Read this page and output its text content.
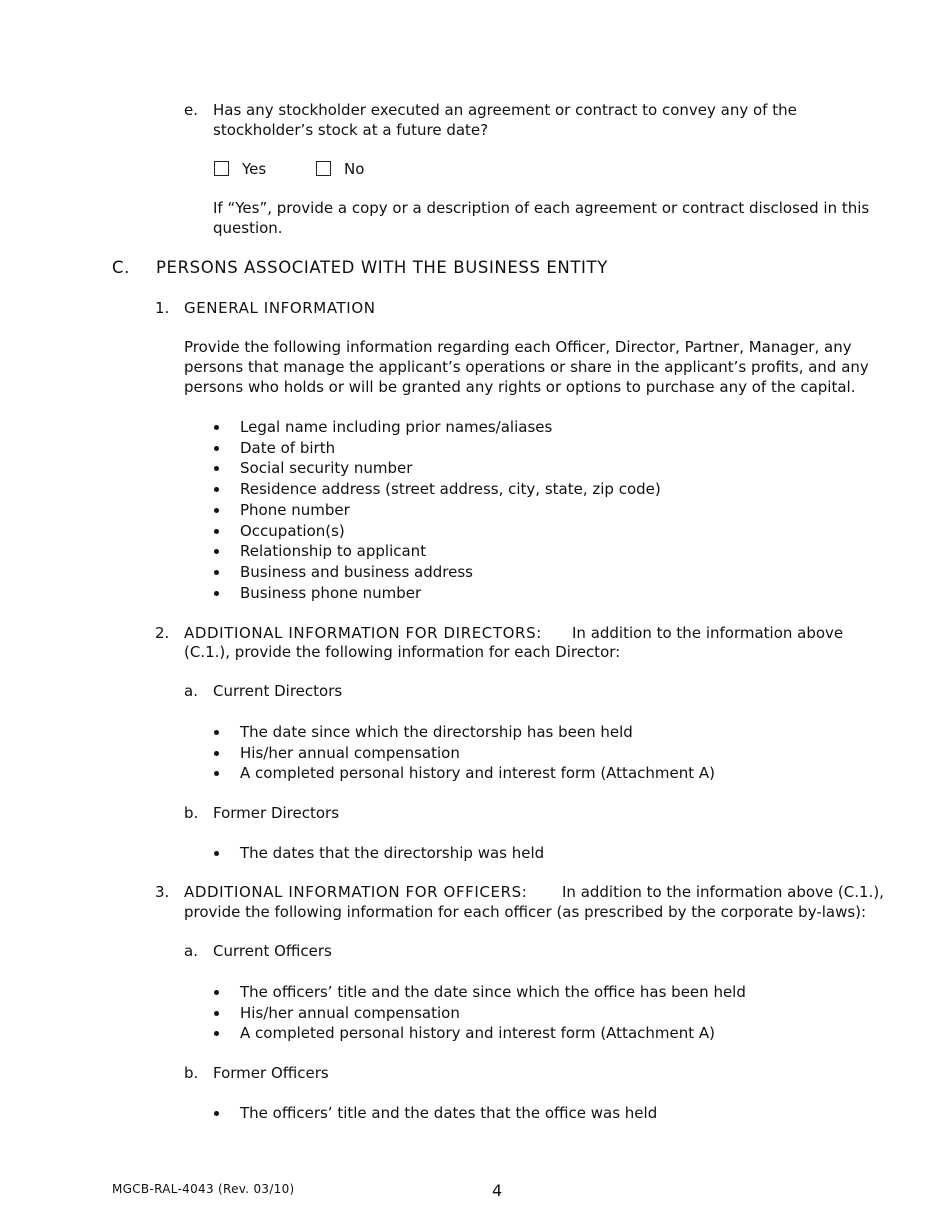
e. Has any stockholder executed an agreement or contract to convey any of the
stockholder’s stock at a future date?
Yes	No
If “Yes”, provide a copy or a description of each agreement or contract disclosed in this question.
C. PERSONS ASSOCIATED WITH THE BUSINESS ENTITY
1. GENERAL INFORMATION
Provide the following information regarding each Officer, Director, Partner, Manager, any persons that manage the applicant’s operations or share in the applicant’s profits, and any persons who holds or will be granted any rights or options to purchase any of the capital.
Legal name including prior names/aliases
Date of birth
Social security number
Residence address (street address, city, state, zip code)
Phone number
Occupation(s)
Relationship to applicant
Business and business address
Business phone number
2. ADDITIONAL INFORMATION FOR DIRECTORS: In addition to the information above
(C.1.), provide the following information for each Director:
a. Current Directors
The date since which the directorship has been held
His/her annual compensation
A completed personal history and interest form (Attachment A)
b. Former Directors
The dates that the directorship was held
3. ADDITIONAL INFORMATION FOR OFFICERS: In addition to the information above (C.1.),
provide the following information for each officer (as prescribed by the corporate by-laws):
a. Current Officers
The officers’ title and the date since which the office has been held
His/her annual compensation
A completed personal history and interest form (Attachment A)
b. Former Officers
The officers’ title and the dates that the office was held
MGCB-RAL-4043 (Rev. 03/10)	4
